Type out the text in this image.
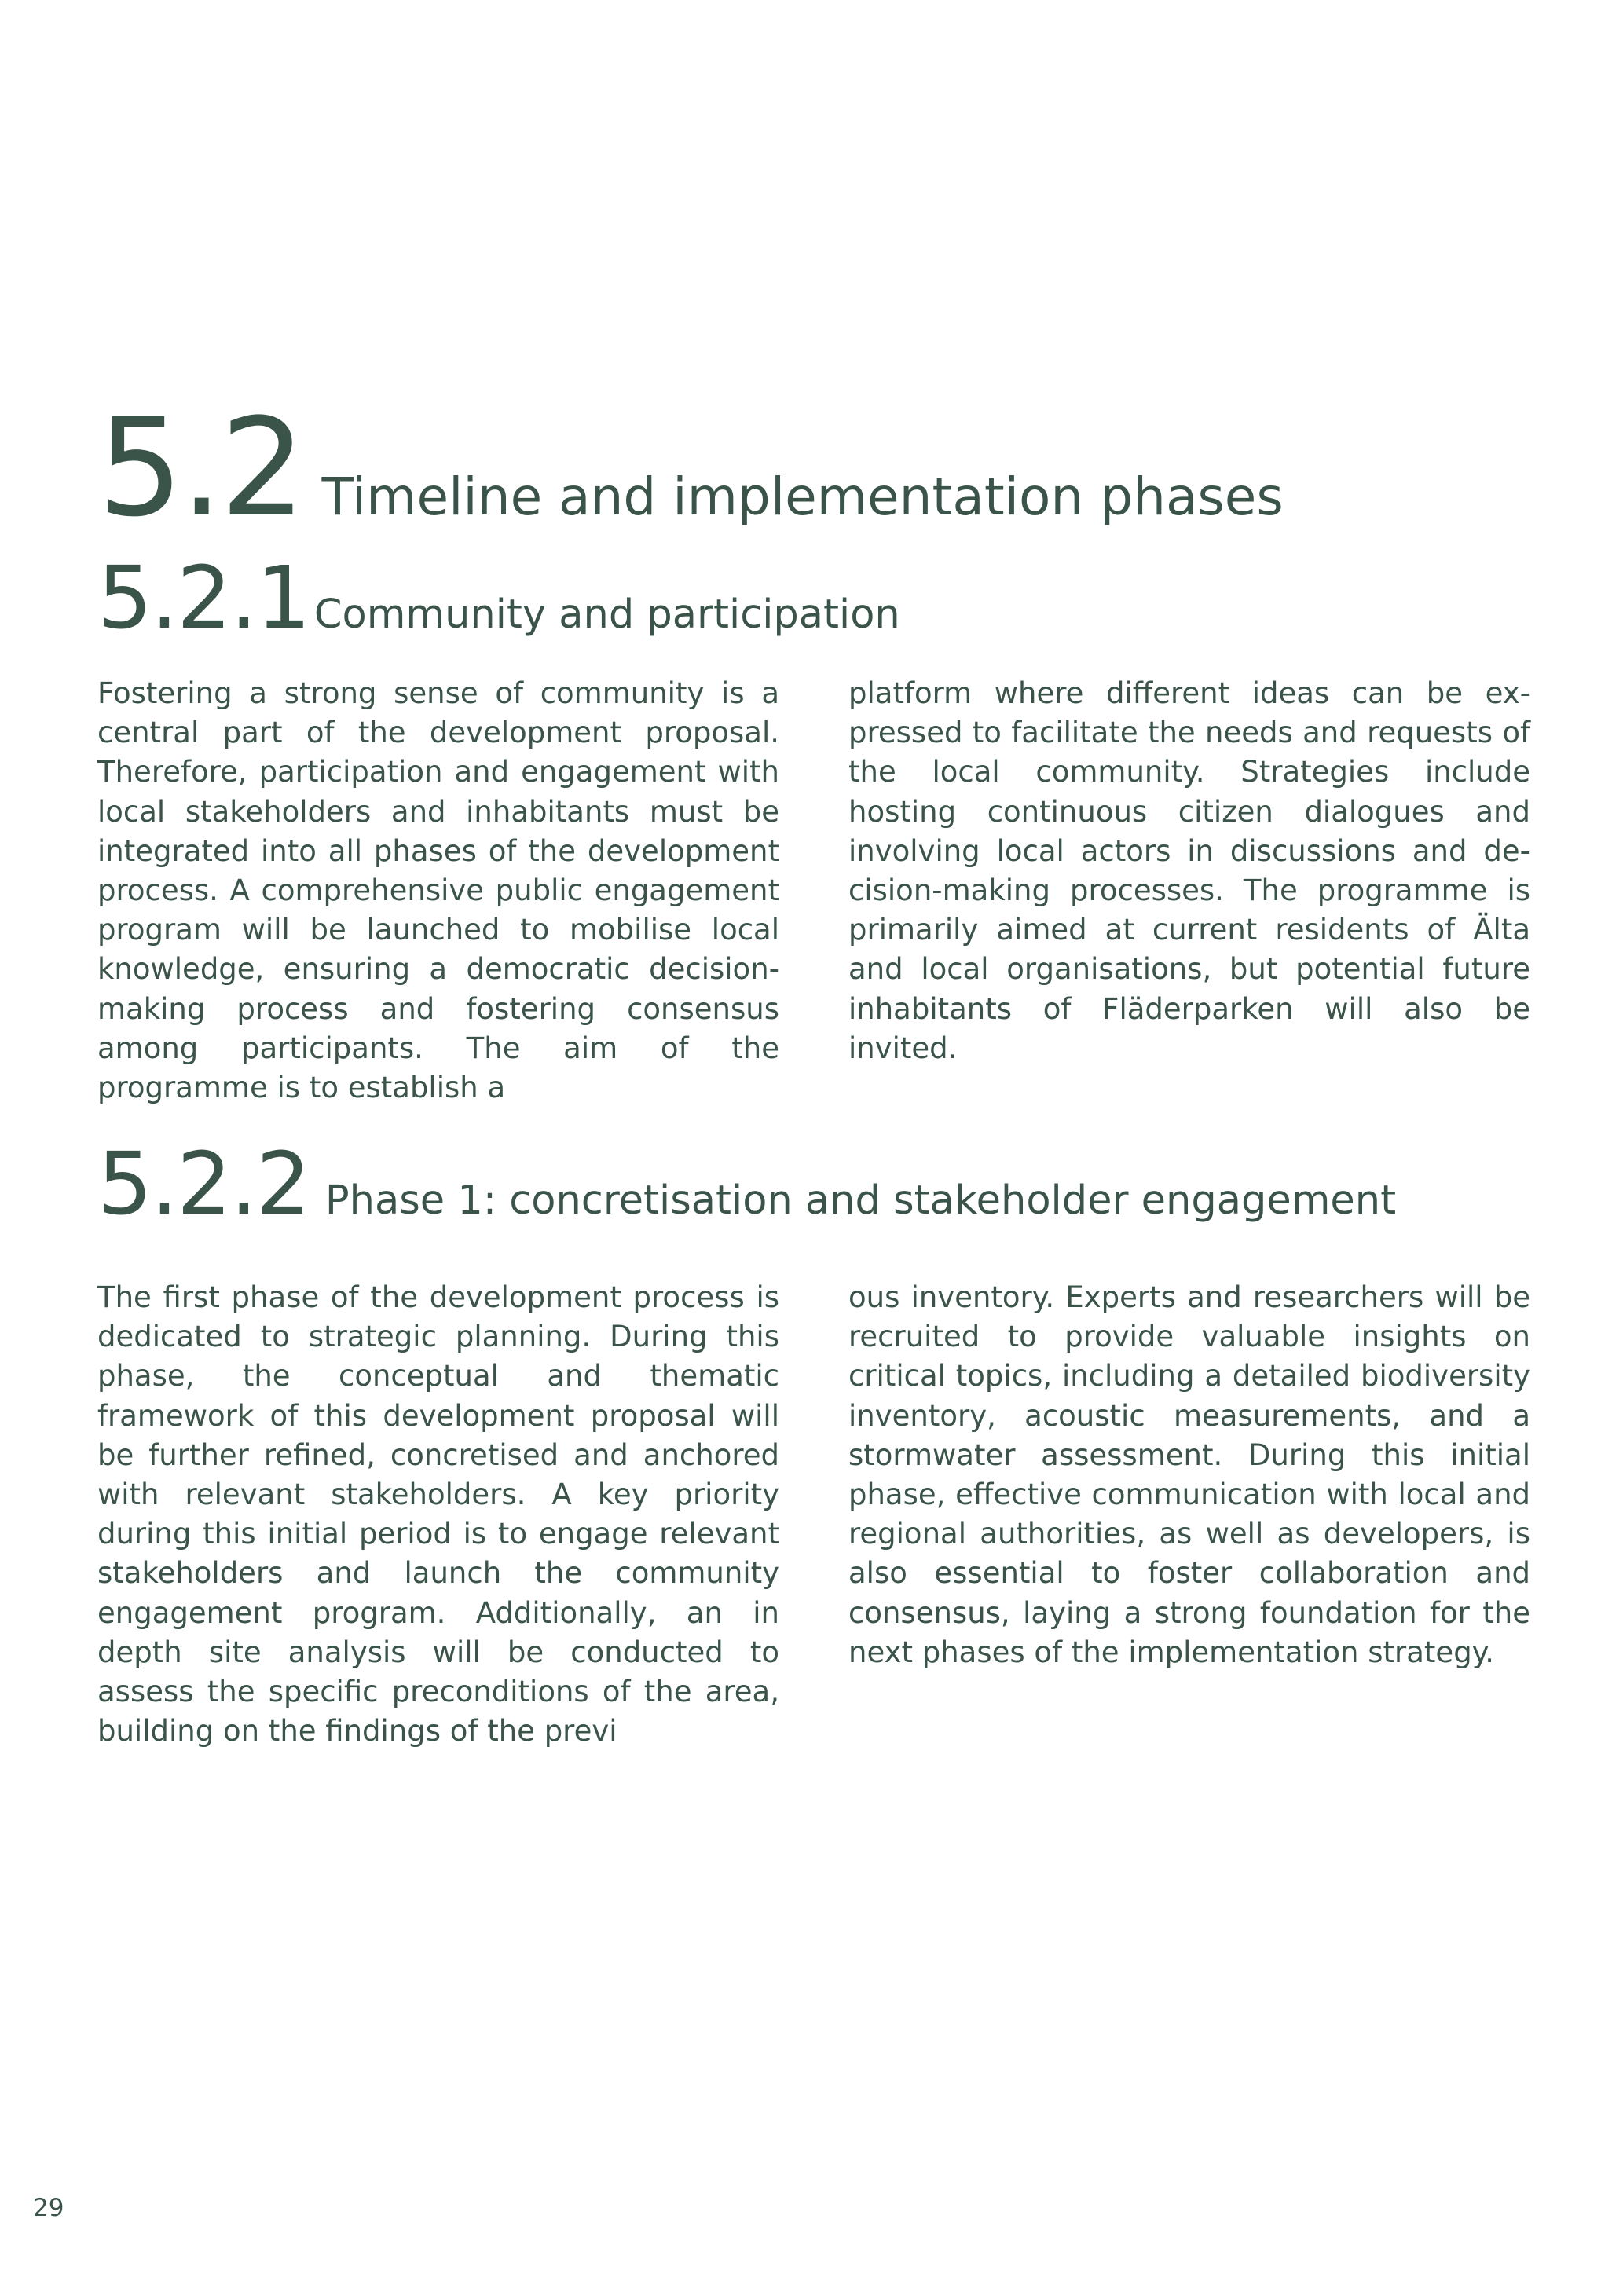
5.2 Timeline and implementation phases
5.2.1 Community and participation

Fostering a strong sense of community is a central part of the development proposal. Therefore, participation and engagement with local stakeholders and inhabitants must be integrated into all phases of the development process. A comprehensive public engagement program will be launched to mobilise local knowledge, ensuring a democratic decision-making process and fostering consensus among participants. The aim of the programme is to establish a

platform where different ideas can be expressed to facilitate the needs and requests of the local community. Strategies include hosting continuous citizen dialogues and involving local actors in discussions and decision-making processes. The programme is primarily aimed at current residents of Älta and local organisations, but potential future inhabitants of Fläderparken will also be invited.

5.2.2 Phase 1: concretisation and stakeholder engagement

The first phase of the development process is dedicated to strategic planning. During this phase, the conceptual and thematic framework of this development proposal will be further refined, concretised and anchored with relevant stakeholders. A key priority during this initial period is to engage relevant stakeholders and launch the community engagement program. Additionally, an in depth site analysis will be conducted to assess the specific preconditions of the area, building on the findings of the previ

ous inventory. Experts and researchers will be recruited to provide valuable insights on critical topics, including a detailed biodiversity inventory, acoustic measurements, and a stormwater assessment. During this initial phase, effective communication with local and regional authorities, as well as developers, is also essential to foster collaboration and consensus, laying a strong foundation for the next phases of the implementation strategy.

29
